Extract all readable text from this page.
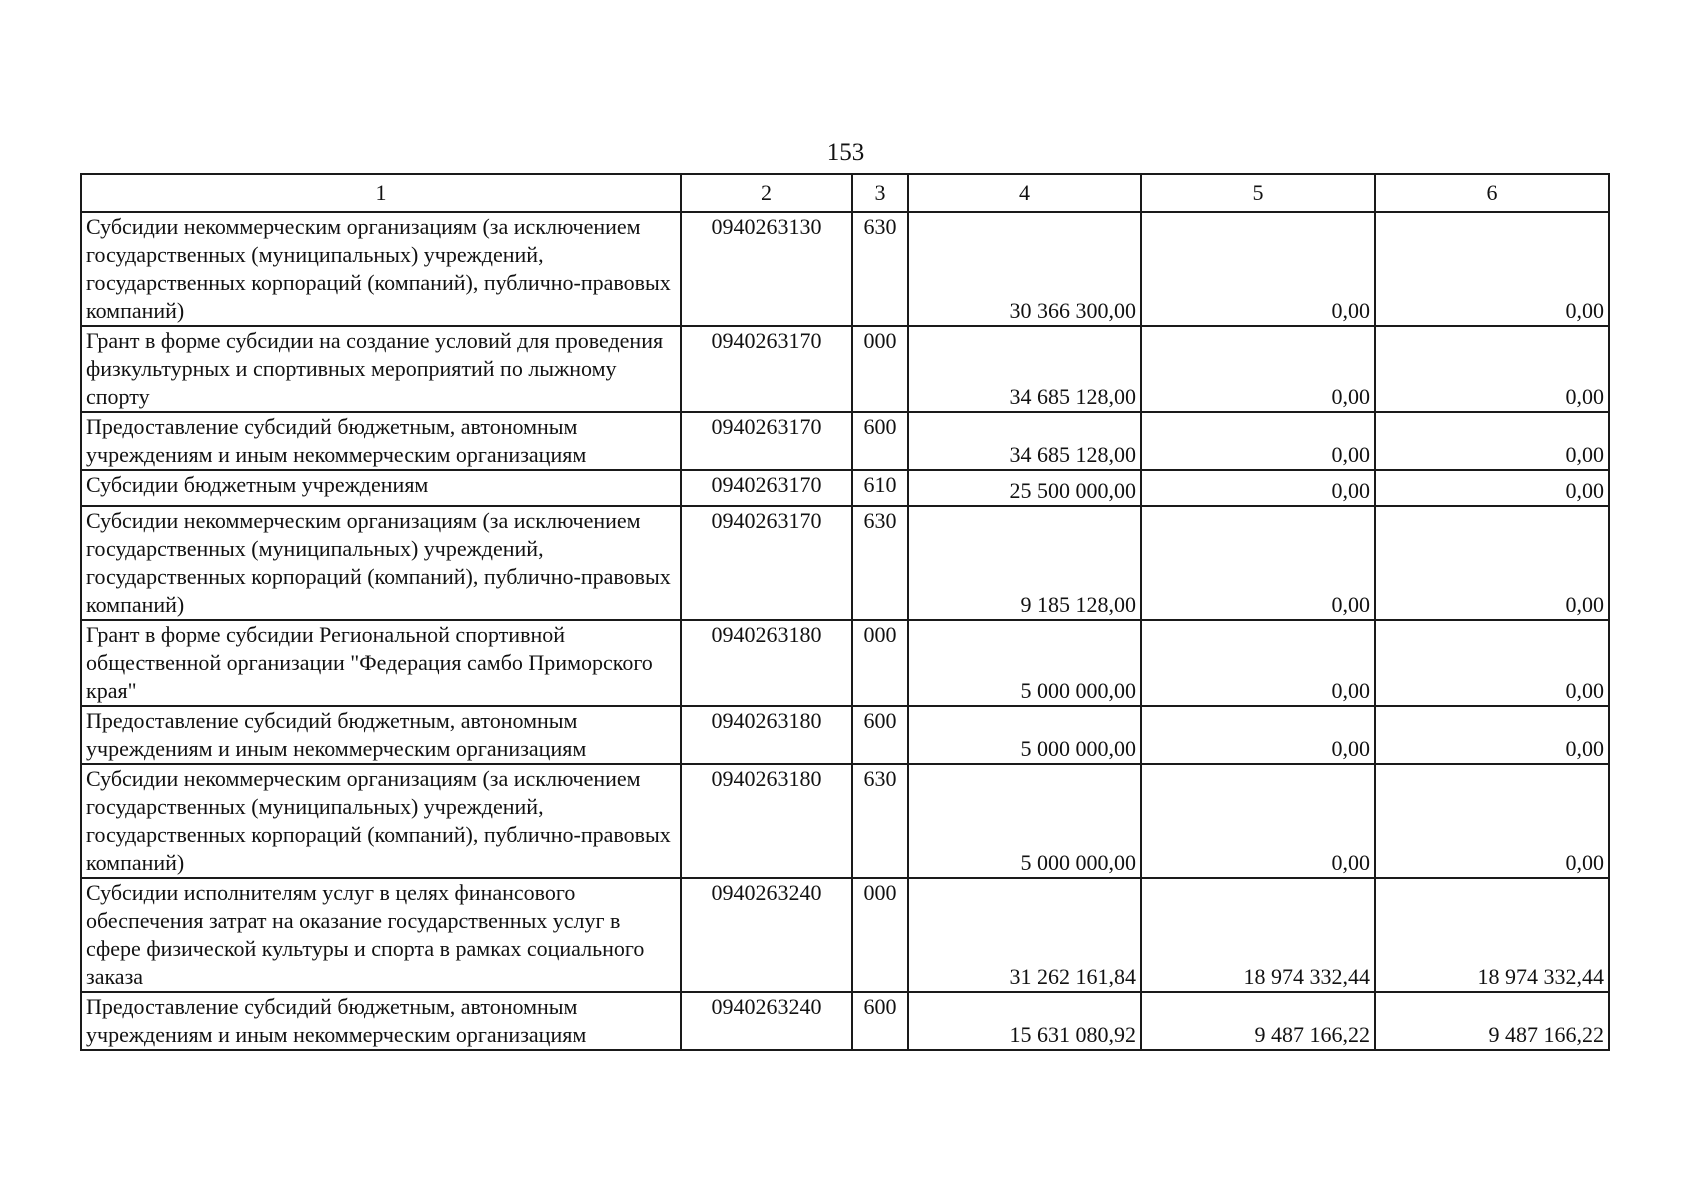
153
1	2	3	4	5	6
Субсидии некоммерческим организациям (за исключением государственных (муниципальных) учреждений, государственных корпораций (компаний), публично-правовых компаний)	0940263130	630	30 366 300,00	0,00	0,00
Грант в форме субсидии на создание условий для проведения физкультурных и спортивных мероприятий по лыжному спорту	0940263170	000	34 685 128,00	0,00	0,00
Предоставление субсидий бюджетным, автономным учреждениям и иным некоммерческим организациям	0940263170	600	34 685 128,00	0,00	0,00
Субсидии бюджетным учреждениям	0940263170	610	25 500 000,00	0,00	0,00
Субсидии некоммерческим организациям (за исключением государственных (муниципальных) учреждений, государственных корпораций (компаний), публично-правовых компаний)	0940263170	630	9 185 128,00	0,00	0,00
Грант в форме субсидии Региональной спортивной общественной организации "Федерация самбо Приморского края"	0940263180	000	5 000 000,00	0,00	0,00
Предоставление субсидий бюджетным, автономным учреждениям и иным некоммерческим организациям	0940263180	600	5 000 000,00	0,00	0,00
Субсидии некоммерческим организациям (за исключением государственных (муниципальных) учреждений, государственных корпораций (компаний), публично-правовых компаний)	0940263180	630	5 000 000,00	0,00	0,00
Субсидии исполнителям услуг в целях финансового обеспечения затрат на оказание государственных услуг в сфере физической культуры и спорта в рамках социального заказа	0940263240	000	31 262 161,84	18 974 332,44	18 974 332,44
Предоставление субсидий бюджетным, автономным учреждениям и иным некоммерческим организациям	0940263240	600	15 631 080,92	9 487 166,22	9 487 166,22
